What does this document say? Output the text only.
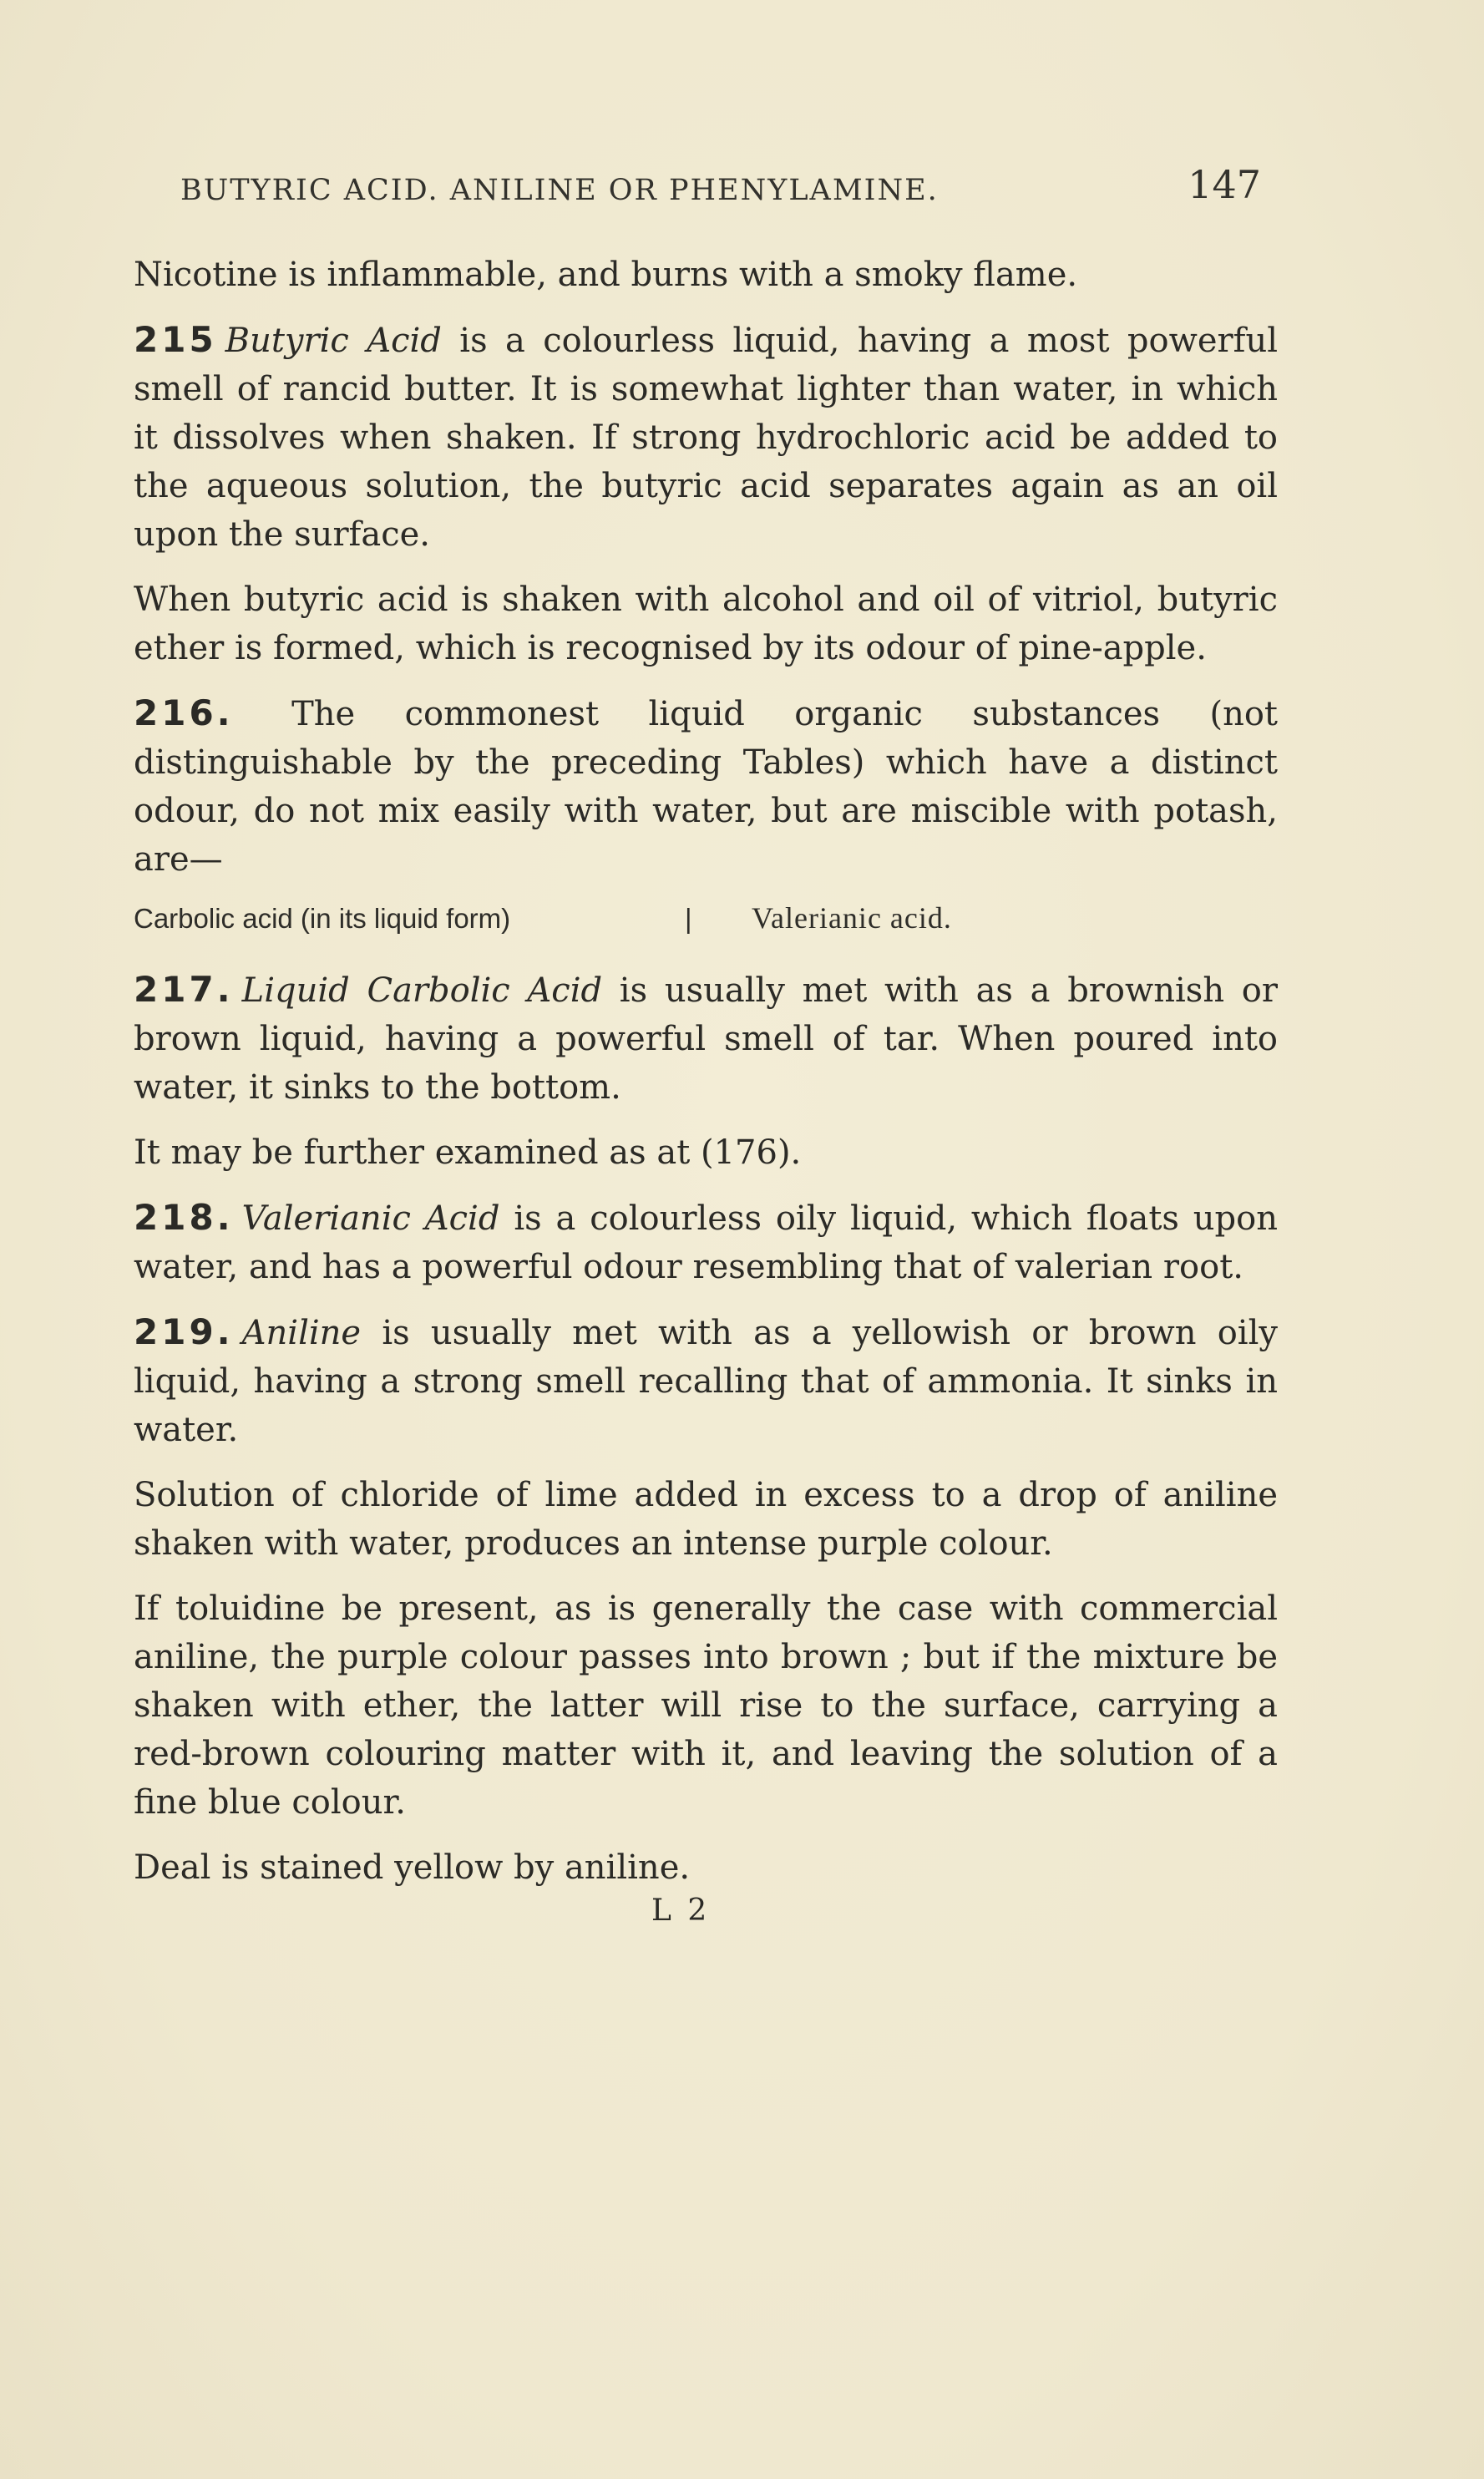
BUTYRIC ACID. ANILINE OR PHENYLAMINE.	147

Nicotine is inflammable, and burns with a smoky flame.

215 Butyric Acid is a colourless liquid, having a most powerful smell of rancid butter. It is somewhat lighter than water, in which it dissolves when shaken. If strong hydrochloric acid be added to the aqueous solution, the butyric acid separates again as an oil upon the surface.

When butyric acid is shaken with alcohol and oil of vitriol, butyric ether is formed, which is recognised by its odour of pine-apple.

216. The commonest liquid organic substances (not distinguishable by the preceding Tables) which have a distinct odour, do not mix easily with water, but are miscible with potash, are—

Carbolic acid (in its liquid form)	|	Valerianic acid.

217. Liquid Carbolic Acid is usually met with as a brownish or brown liquid, having a powerful smell of tar. When poured into water, it sinks to the bottom.

It may be further examined as at (176).

218. Valerianic Acid is a colourless oily liquid, which floats upon water, and has a powerful odour resembling that of valerian root.

219. Aniline is usually met with as a yellowish or brown oily liquid, having a strong smell recalling that of ammonia. It sinks in water.

Solution of chloride of lime added in excess to a drop of aniline shaken with water, produces an intense purple colour.

If toluidine be present, as is generally the case with commercial aniline, the purple colour passes into brown ; but if the mixture be shaken with ether, the latter will rise to the surface, carrying a red-brown colouring matter with it, and leaving the solution of a fine blue colour.

Deal is stained yellow by aniline.

L 2
